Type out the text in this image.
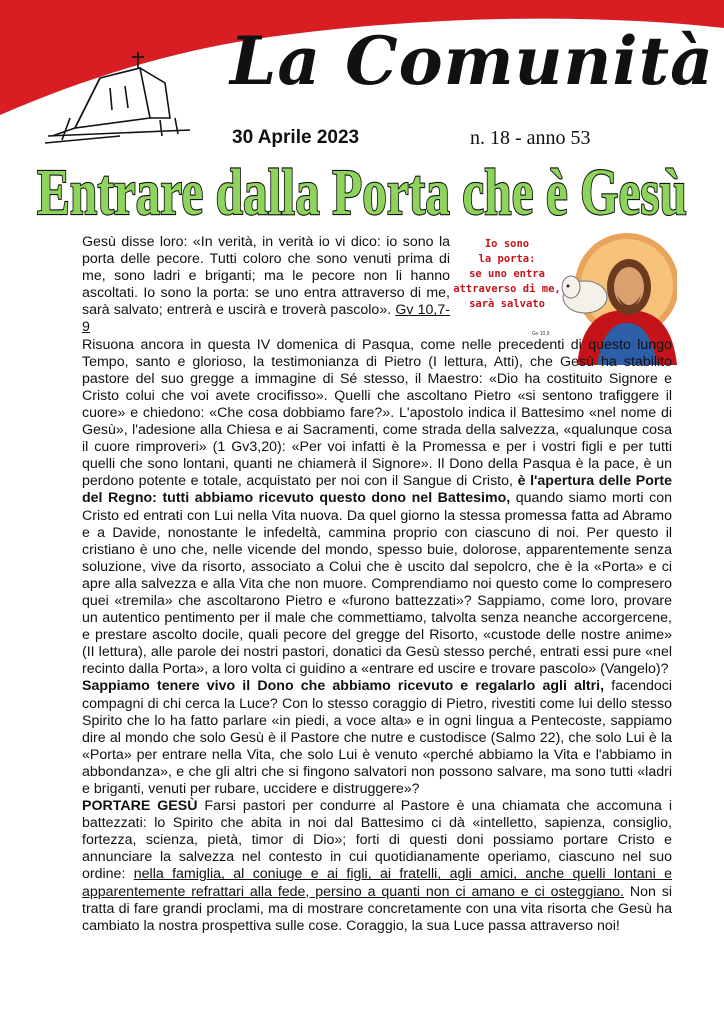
La Comunità
30 Aprile 2023	n. 18 - anno 53
Entrare dalla Porta che è Gesù
Io sono
la porta:
se uno entra
attraverso di me,
sarà salvato
Gv 10,9

Gesù disse loro: «In verità, in verità io vi dico: io sono la porta delle pecore. Tutti coloro che sono venuti prima di me, sono ladri e briganti; ma le pecore non li hanno ascoltati. Io sono la porta: se uno entra attraverso di me, sarà salvato; entrerà e uscirà e troverà pascolo». Gv 10,7-9

Risuona ancora in questa IV domenica di Pasqua, come nelle precedenti di questo lungo Tempo, santo e glorioso, la testimonianza di Pietro (I lettura, Atti), che Gesù ha stabilito pastore del suo gregge a immagine di Sé stesso, il Maestro: «Dio ha costituito Signore e Cristo colui che voi avete crocifisso». Quelli che ascoltano Pietro «si sentono trafiggere il cuore» e chiedono: «Che cosa dobbiamo fare?». L'apostolo indica il Battesimo «nel nome di Gesù», l'adesione alla Chiesa e ai Sacramenti, come strada della salvezza, «qualunque cosa il cuore rimproveri» (1 Gv3,20): «Per voi infatti è la Promessa e per i vostri figli e per tutti quelli che sono lontani, quanti ne chiamerà il Signore». Il Dono della Pasqua è la pace, è un perdono potente e totale, acquistato per noi con il Sangue di Cristo, è l'apertura delle Porte del Regno: tutti abbiamo ricevuto questo dono nel Battesimo, quando siamo morti con Cristo ed entrati con Lui nella Vita nuova. Da quel giorno la stessa promessa fatta ad Abramo e a Davide, nonostante le infedeltà, cammina proprio con ciascuno di noi. Per questo il cristiano è uno che, nelle vicende del mondo, spesso buie, dolorose, apparentemente senza soluzione, vive da risorto, associato a Colui che è uscito dal sepolcro, che è la «Porta» e ci apre alla salvezza e alla Vita che non muore. Comprendiamo noi questo come lo compresero quei «tremila» che ascoltarono Pietro e «furono battezzati»? Sappiamo, come loro, provare un autentico pentimento per il male che commettiamo, talvolta senza neanche accorgercene, e prestare ascolto docile, quali pecore del gregge del Risorto, «custode delle nostre anime» (II lettura), alle parole dei nostri pastori, donatici da Gesù stesso perché, entrati essi pure «nel recinto dalla Porta», a loro volta ci guidino a «entrare ed uscire e trovare pascolo» (Vangelo)?

Sappiamo tenere vivo il Dono che abbiamo ricevuto e regalarlo agli altri, facendoci compagni di chi cerca la Luce? Con lo stesso coraggio di Pietro, rivestiti come lui dello stesso Spirito che lo ha fatto parlare «in piedi, a voce alta» e in ogni lingua a Pentecoste, sappiamo dire al mondo che solo Gesù è il Pastore che nutre e custodisce (Salmo 22), che solo Lui è la «Porta» per entrare nella Vita, che solo Lui è venuto «perché abbiamo la Vita e l'abbiamo in abbondanza», e che gli altri che si fingono salvatori non possono salvare, ma sono tutti «ladri e briganti, venuti per rubare, uccidere e distruggere»?

PORTARE GESÙ Farsi pastori per condurre al Pastore è una chiamata che accomuna i battezzati: lo Spirito che abita in noi dal Battesimo ci dà «intelletto, sapienza, consiglio, fortezza, scienza, pietà, timor di Dio»; forti di questi doni possiamo portare Cristo e annunciare la salvezza nel contesto in cui quotidianamente operiamo, ciascuno nel suo ordine: nella famiglia, al coniuge e ai figli, ai fratelli, agli amici, anche quelli lontani e apparentemente refrattari alla fede, persino a quanti non ci amano e ci osteggiano. Non si tratta di fare grandi proclami, ma di mostrare concretamente con una vita risorta che Gesù ha cambiato la nostra prospettiva sulle cose. Coraggio, la sua Luce passa attraverso noi!
